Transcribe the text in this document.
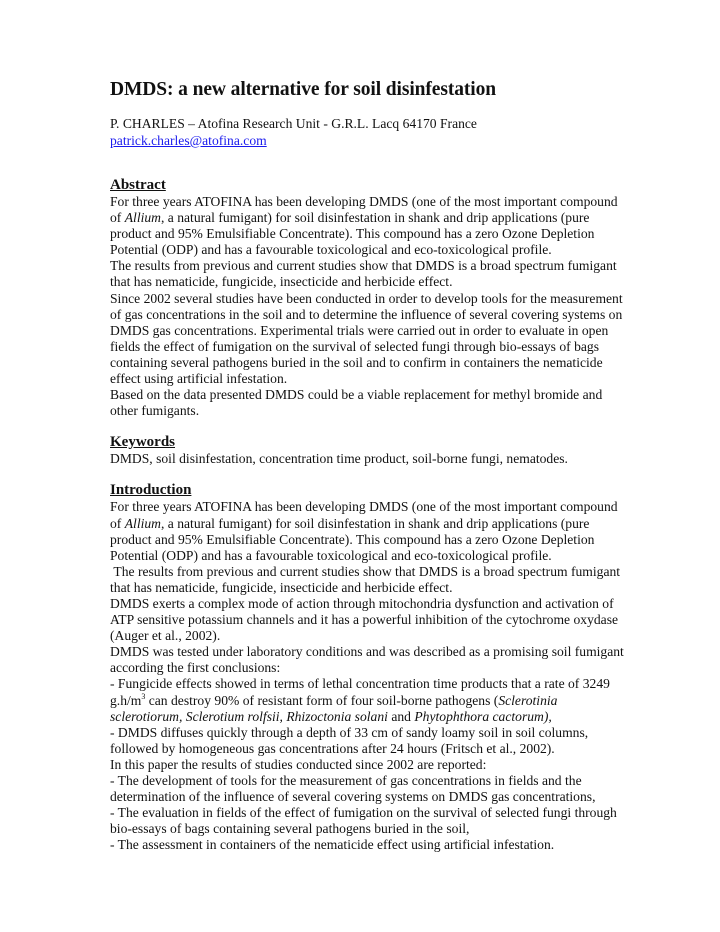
DMDS: a new alternative for soil disinfestation

P. CHARLES – Atofina Research Unit - G.R.L. Lacq 64170 France

patrick.charles@atofina.com
Abstract

For three years ATOFINA has been developing DMDS (one of the most important compound of Allium, a natural fumigant) for soil disinfestation in shank and drip applications (pure product and 95% Emulsifiable Concentrate). This compound has a zero Ozone Depletion Potential (ODP) and has a favourable toxicological and eco-toxicological profile.

The results from previous and current studies show that DMDS is a broad spectrum fumigant that has nematicide, fungicide, insecticide and herbicide effect.

Since 2002 several studies have been conducted in order to develop tools for the measurement of gas concentrations in the soil and to determine the influence of several covering systems on DMDS gas concentrations. Experimental trials were carried out in order to evaluate in open fields the effect of fumigation on the survival of selected fungi through bio-essays of bags containing several pathogens buried in the soil and to confirm in containers the nematicide effect using artificial infestation.

Based on the data presented DMDS could be a viable replacement for methyl bromide and other fumigants.

Keywords

DMDS, soil disinfestation, concentration time product, soil-borne fungi, nematodes.

Introduction

For three years ATOFINA has been developing DMDS (one of the most important compound of Allium, a natural fumigant) for soil disinfestation in shank and drip applications (pure product and 95% Emulsifiable Concentrate). This compound has a zero Ozone Depletion Potential (ODP) and has a favourable toxicological and eco-toxicological profile.

The results from previous and current studies show that DMDS is a broad spectrum fumigant that has nematicide, fungicide, insecticide and herbicide effect.

DMDS exerts a complex mode of action through mitochondria dysfunction and activation of ATP sensitive potassium channels and it has a powerful inhibition of the cytochrome oxydase (Auger et al., 2002).

DMDS was tested under laboratory conditions and was described as a promising soil fumigant according the first conclusions:

- Fungicide effects showed in terms of lethal concentration time products that a rate of 3249 $g.h/m^3$ can destroy 90% of resistant form of four soil-borne pathogens (Sclerotinia sclerotiorum, Sclerotium rolfsii, Rhizoctonia solani and Phytophthora cactorum),

- DMDS diffuses quickly through a depth of 33 cm of sandy loamy soil in soil columns, followed by homogeneous gas concentrations after 24 hours (Fritsch et al., 2002).

In this paper the results of studies conducted since 2002 are reported:

- The development of tools for the measurement of gas concentrations in fields and the determination of the influence of several covering systems on DMDS gas concentrations,

- The evaluation in fields of the effect of fumigation on the survival of selected fungi through bio-essays of bags containing several pathogens buried in the soil,

- The assessment in containers of the nematicide effect using artificial infestation.
